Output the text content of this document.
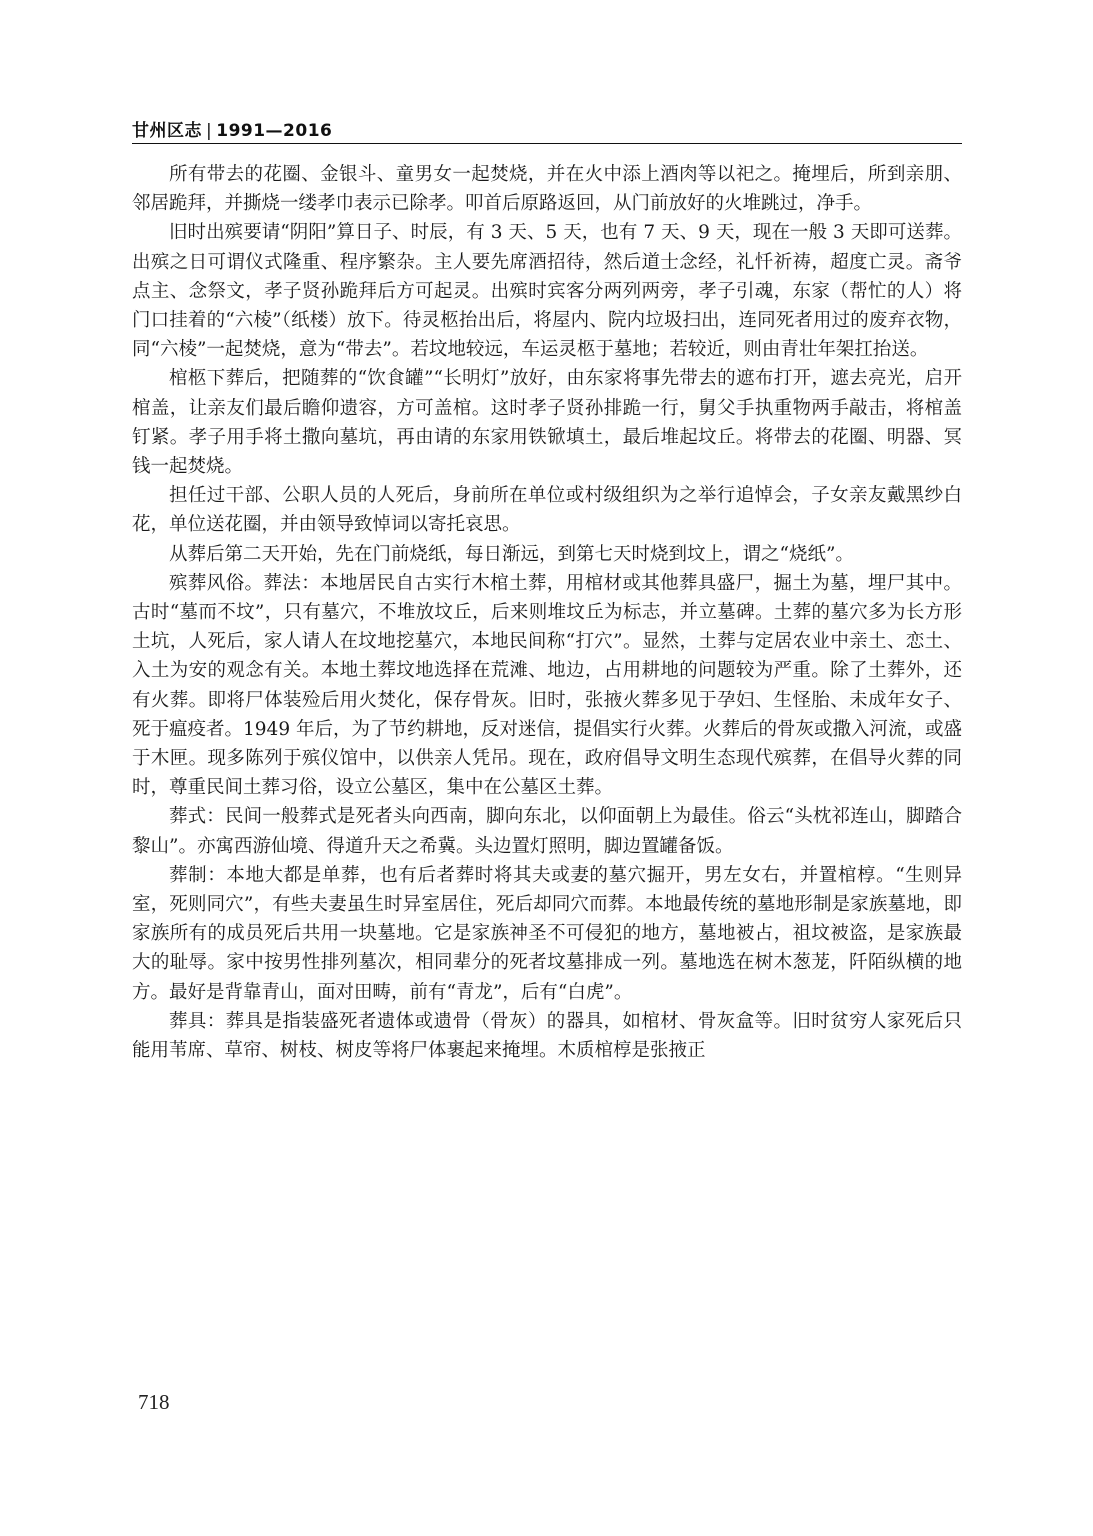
甘州区志 | 1991—2016

所有带去的花圈、金银斗、童男女一起焚烧，并在火中添上酒肉等以祀之。掩埋后，所到亲朋、邻居跪拜，并撕烧一缕孝巾表示已除孝。叩首后原路返回，从门前放好的火堆跳过，净手。

旧时出殡要请“阴阳”算日子、时辰，有 3 天、5 天，也有 7 天、9 天，现在一般 3 天即可送葬。出殡之日可谓仪式隆重、程序繁杂。主人要先席酒招待，然后道士念经，礼忏祈祷，超度亡灵。斋爷点主、念祭文，孝子贤孙跪拜后方可起灵。出殡时宾客分两列两旁，孝子引魂，东家（帮忙的人）将门口挂着的“六棱”（纸楼）放下。待灵柩抬出后，将屋内、院内垃圾扫出，连同死者用过的废弃衣物，同“六棱”一起焚烧，意为“带去”。若坟地较远，车运灵柩于墓地；若较近，则由青壮年架扛抬送。

棺柩下葬后，把随葬的“饮食罐”“长明灯”放好，由东家将事先带去的遮布打开，遮去亮光，启开棺盖，让亲友们最后瞻仰遗容，方可盖棺。这时孝子贤孙排跪一行，舅父手执重物两手敲击，将棺盖钉紧。孝子用手将土撒向墓坑，再由请的东家用铁锨填土，最后堆起坟丘。将带去的花圈、明器、冥钱一起焚烧。

担任过干部、公职人员的人死后，身前所在单位或村级组织为之举行追悼会，子女亲友戴黑纱白花，单位送花圈，并由领导致悼词以寄托哀思。

从葬后第二天开始，先在门前烧纸，每日渐远，到第七天时烧到坟上，谓之“烧纸”。

殡葬风俗。葬法：本地居民自古实行木棺土葬，用棺材或其他葬具盛尸，掘土为墓，埋尸其中。古时“墓而不坟”，只有墓穴，不堆放坟丘，后来则堆坟丘为标志，并立墓碑。土葬的墓穴多为长方形土坑，人死后，家人请人在坟地挖墓穴，本地民间称“打穴”。显然，土葬与定居农业中亲土、恋土、入土为安的观念有关。本地土葬坟地选择在荒滩、地边，占用耕地的问题较为严重。除了土葬外，还有火葬。即将尸体装殓后用火焚化，保存骨灰。旧时，张掖火葬多见于孕妇、生怪胎、未成年女子、死于瘟疫者。1949 年后，为了节约耕地，反对迷信，提倡实行火葬。火葬后的骨灰或撒入河流，或盛于木匣。现多陈列于殡仪馆中，以供亲人凭吊。现在，政府倡导文明生态现代殡葬，在倡导火葬的同时，尊重民间土葬习俗，设立公墓区，集中在公墓区土葬。

葬式：民间一般葬式是死者头向西南，脚向东北，以仰面朝上为最佳。俗云“头枕祁连山，脚踏合黎山”。亦寓西游仙境、得道升天之希冀。头边置灯照明，脚边置罐备饭。

葬制：本地大都是单葬，也有后者葬时将其夫或妻的墓穴掘开，男左女右，并置棺椁。“生则异室，死则同穴”，有些夫妻虽生时异室居住，死后却同穴而葬。本地最传统的墓地形制是家族墓地，即家族所有的成员死后共用一块墓地。它是家族神圣不可侵犯的地方，墓地被占，祖坟被盗，是家族最大的耻辱。家中按男性排列墓次，相同辈分的死者坟墓排成一列。墓地选在树木葱茏，阡陌纵横的地方。最好是背靠青山，面对田畴，前有“青龙”，后有“白虎”。

葬具：葬具是指装盛死者遗体或遗骨（骨灰）的器具，如棺材、骨灰盒等。旧时贫穷人家死后只能用苇席、草帘、树枝、树皮等将尸体裹起来掩埋。木质棺椁是张掖正

718
